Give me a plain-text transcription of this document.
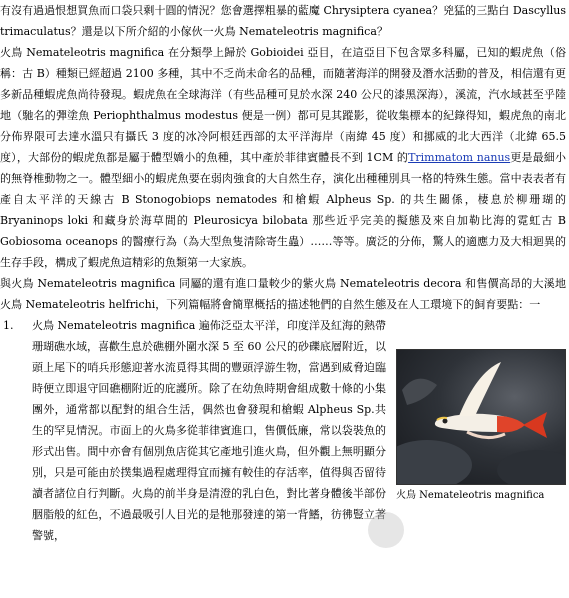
有沒有過過恨想買魚而口袋只剩十圓的情況？您會選擇粗暴的藍魔 Chrysiptera cyanea？兇猛的三點白 Dascyllus trimaculatus？還是以下所介紹的小傢伙一火鳥 Nemateleotris magnifica？
火鳥 Nemateleotris magnifica 在分類學上歸於 Gobioidei 亞目，在這亞目下包含眾多科屬，已知的蝦虎魚（俗稱：古 B）種類已經超過 2100 多種，其中不乏尚未命名的品種，而隨著海洋的開發及潛水活動的普及，相信還有更多新品種蝦虎魚尚待發現。蝦虎魚在全球海洋（有些品種可見於水深 240 公尺的漆黑深海），溪流，汽水域甚至乎陸地（馳名的彈塗魚 Periophthalmus modestus 便是一例）都可見其蹤影，從收集標本的紀錄得知，蝦虎魚的南北分佈界限可去達水溫只有攝氏 3 度的冰冷阿根廷西部的太平洋海岸（南緯 45 度）和挪威的北大西洋（北緯 65.5 度），大部份的蝦虎魚都是屬于體型嬌小的魚種，其中產於菲律賓體長不到 1CM 的Trimmatom nanus更是最細小的無脊椎動物之一。體型細小的蝦虎魚要在弱肉強食的大自然生存，演化出種種別具一格的特殊生態。當中表表者有產自太平洋的天線古 B Stonogobiops nematodes 和槍蝦 Alpheus Sp. 的共生關係，棲息於柳珊瑚的 Bryaninops loki 和藏身於海草間的 Pleurosicya bilobata 那些近乎完美的擬態及來自加勒比海的霓虹古 B Gobiosoma oceanops 的醫療行為（為大型魚隻清除寄生蟲）……等等。廣泛的分佈，驚人的適應力及大相迴異的生存手段，構成了蝦虎魚這精彩的魚類第一大家族。
與火鳥 Nemateleotris magnifica 同屬的還有進口量較少的紫火鳥 Nemateleotris decora 和售價高昂的大溪地火鳥 Nemateleotris helfrichi，下列篇幅將會簡單概括的描述牠們的自然生態及在人工環境下的飼育要點：一
1.
火鳥 Nemateleotris magnifica
火鳥 Nemateleotris magnifica 遍佈泛亞太平洋，印度洋及紅海的熱帶珊瑚礁水域，喜歡生息於礁棚外圍水深 5 至 60 公尺的砂礫底層附近，以頭上尾下的哨兵形態迎著水流覓得其間的豐頭浮游生物，當遇到威脅迫臨時便立即退守回礁棚附近的庇護所。除了在幼魚時期會組成數十條的小集團外，通常都以配對的組合生活，偶然也會發現和槍蝦 Alpheus Sp.共生的罕見情況。市面上的火鳥多從菲律賓進口，售價低廉，常以袋裝魚的形式出售。間中亦會有個別魚店從其它產地引進火鳥，但外觀上無明顯分別，只是可能由於撲集過程處理得宜而擁有較佳的存活率，值得與否留待讀者諸位自行判斷。火鳥的前半身是清澄的乳白色，對比著身體後半部份胭脂般的紅色，不過最吸引人目光的是牠那發達的第一背鰭，彷彿豎立著警號，
